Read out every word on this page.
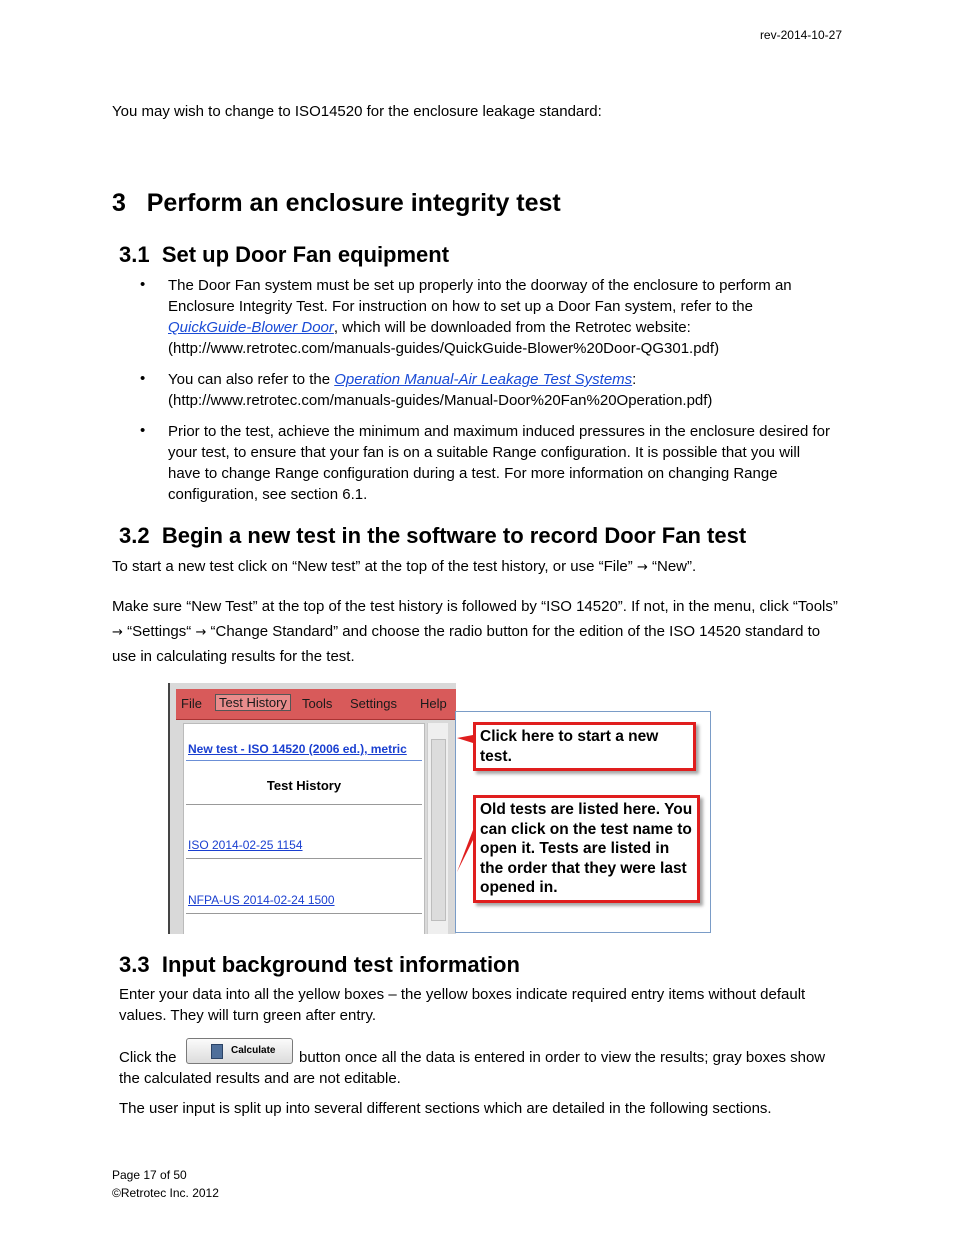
rev-2014-10-27
You may wish to change to ISO14520 for the enclosure leakage standard:
3 Perform an enclosure integrity test
3.1 Set up Door Fan equipment
• The Door Fan system must be set up properly into the doorway of the enclosure to perform an Enclosure Integrity Test. For instruction on how to set up a Door Fan system, refer to the QuickGuide-Blower Door, which will be downloaded from the Retrotec website: (http://www.retrotec.com/manuals-guides/QuickGuide-Blower%20Door-QG301.pdf)
• You can also refer to the Operation Manual-Air Leakage Test Systems: (http://www.retrotec.com/manuals-guides/Manual-Door%20Fan%20Operation.pdf)
• Prior to the test, achieve the minimum and maximum induced pressures in the enclosure desired for your test, to ensure that your fan is on a suitable Range configuration. It is possible that you will have to change Range configuration during a test. For more information on changing Range configuration, see section 6.1.
3.2 Begin a new test in the software to record Door Fan test
To start a new test click on “New test” at the top of the test history, or use “File” → “New”.
Make sure “New Test” at the top of the test history is followed by “ISO 14520”. If not, in the menu, click “Tools” → “Settings“ → “Change Standard” and choose the radio button for the edition of the ISO 14520 standard to use in calculating results for the test.
File	Test History	Tools Settings Help
New test - ISO 14520 (2006 ed.), metric
Test History
ISO 2014-02-25 1154
NFPA-US 2014-02-24 1500
Click here to start a new test.
Old tests are listed here. You can click on the test name to open it. Tests are listed in the order that they were last opened in.
3.3 Input background test information
Enter your data into all the yellow boxes – the yellow boxes indicate required entry items without default values. They will turn green after entry.
Click the	Calculate	button once all the data is entered in order to view the results; gray boxes show the calculated results and are not editable.
The user input is split up into several different sections which are detailed in the following sections.
Page 17 of 50
©Retrotec Inc. 2012
